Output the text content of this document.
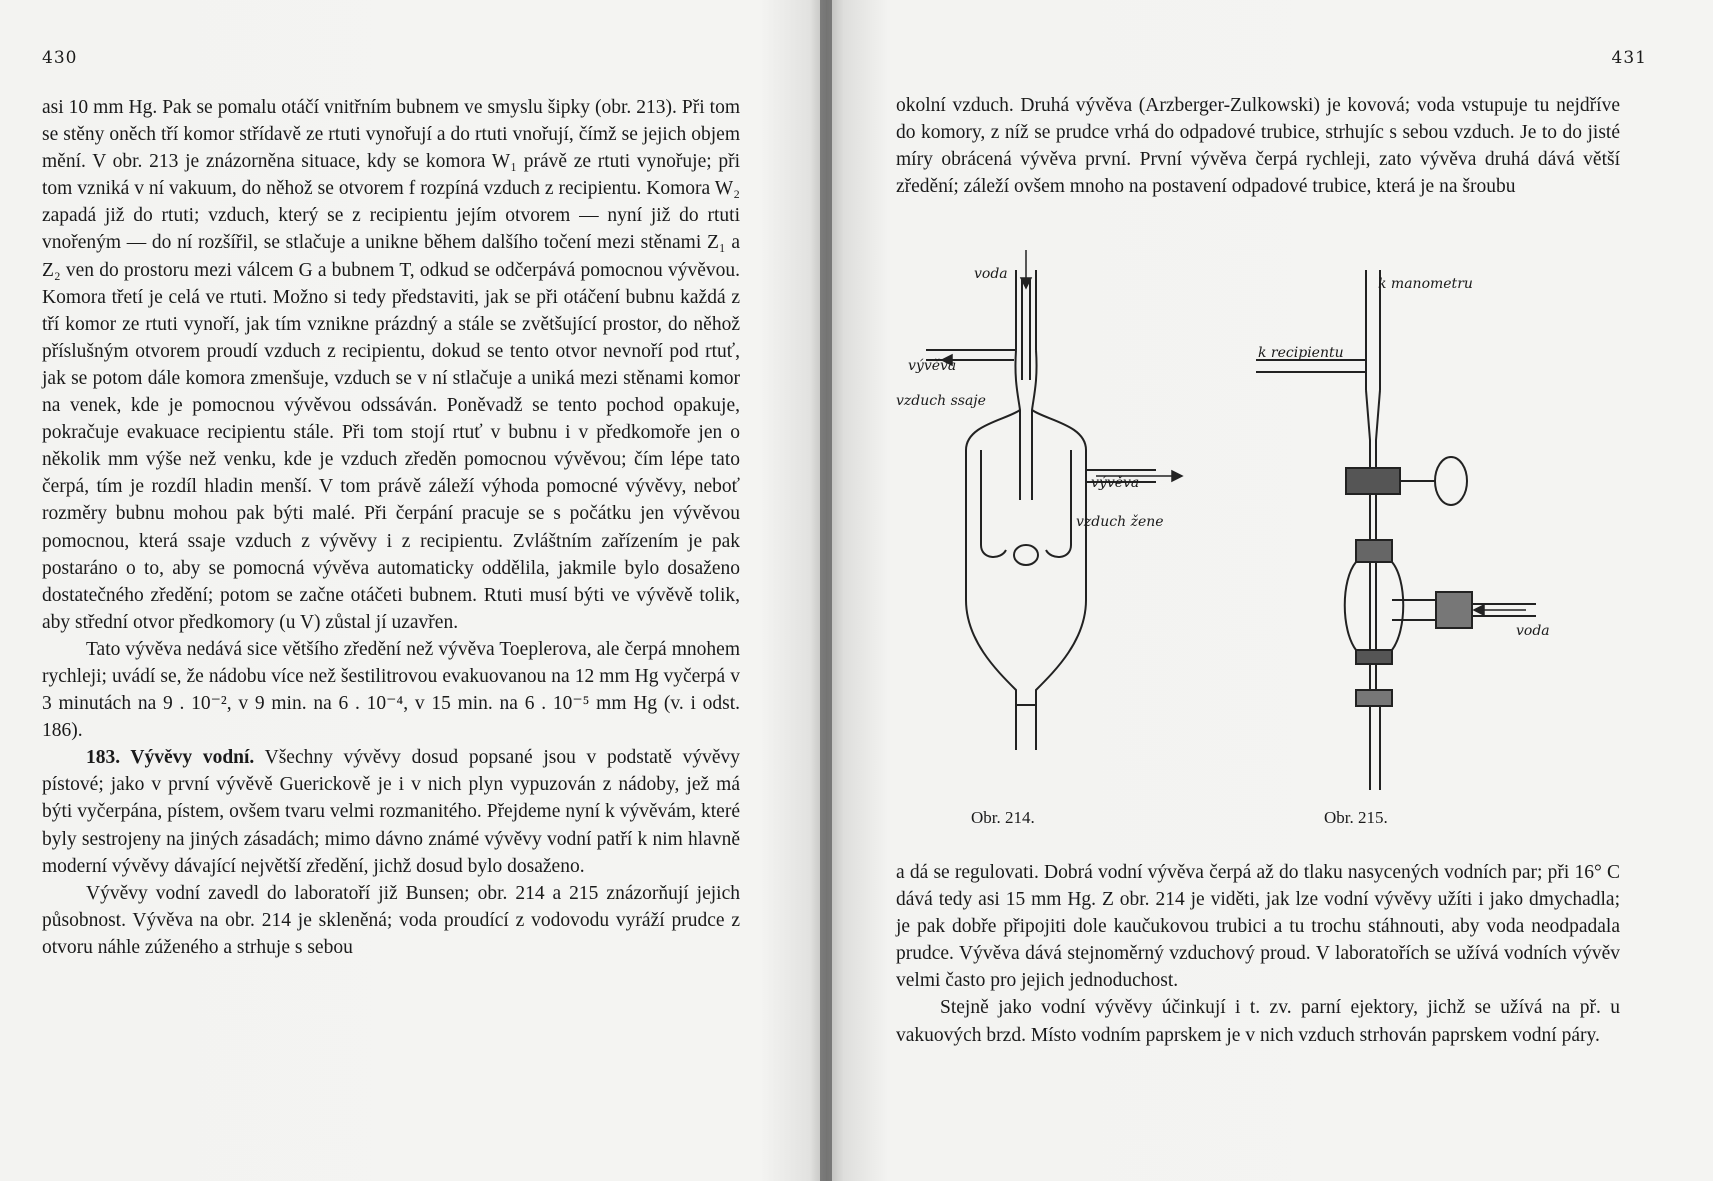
430

asi 10 mm Hg. Pak se pomalu otáčí vnitřním bubnem ve smyslu šipky (obr. 213). Při tom se stěny oněch tří komor střídavě ze rtuti vynořují a do rtuti vnořují, čímž se jejich objem mění. V obr. 213 je znázorněna situace, kdy se komora W₁ právě ze rtuti vynořuje; při tom vzniká v ní vakuum, do něhož se otvorem f rozpíná vzduch z recipientu. Komora W₂ zapadá již do rtuti; vzduch, který se z recipientu jejím otvorem — nyní již do rtuti vnořeným — do ní rozšířil, se stlačuje a unikne během dalšího točení mezi stěnami Z₁ a Z₂ ven do prostoru mezi válcem G a bubnem T, odkud se odčerpává pomocnou vývěvou. Komora třetí je celá ve rtuti. Možno si tedy představiti, jak se při otáčení bubnu každá z tří komor ze rtuti vynoří, jak tím vznikne prázdný a stále se zvětšující prostor, do něhož příslušným otvorem proudí vzduch z recipientu, dokud se tento otvor nevnoří pod rtuť, jak se potom dále komora zmenšuje, vzduch se v ní stlačuje a uniká mezi stěnami komor na venek, kde je pomocnou vývěvou odssáván. Poněvadž se tento pochod opakuje, pokračuje evakuace recipientu stále. Při tom stojí rtuť v bubnu i v předkomoře jen o několik mm výše než venku, kde je vzduch zředěn pomocnou vývěvou; čím lépe tato čerpá, tím je rozdíl hladin menší. V tom právě záleží výhoda pomocné vývěvy, neboť rozměry bubnu mohou pak býti malé. Při čerpání pracuje se s počátku jen vývěvou pomocnou, která ssaje vzduch z vývěvy i z recipientu. Zvláštním zařízením je pak postaráno o to, aby se pomocná vývěva automaticky oddělila, jakmile bylo dosaženo dostatečného zředění; potom se začne otáčeti bubnem. Rtuti musí býti ve vývěvě tolik, aby střední otvor předkomory (u V) zůstal jí uzavřen.

Tato vývěva nedává sice většího zředění než vývěva Toeplerova, ale čerpá mnohem rychleji; uvádí se, že nádobu více než šestilitrovou evakuovanou na 12 mm Hg vyčerpá v 3 minutách na 9 . 10⁻², v 9 min. na 6 . 10⁻⁴, v 15 min. na 6 . 10⁻⁵ mm Hg (v. i odst. 186).

183. Vývěvy vodní. Všechny vývěvy dosud popsané jsou v podstatě vývěvy pístové; jako v první vývěvě Guerickově je i v nich plyn vypuzován z nádoby, jež má býti vyčerpána, pístem, ovšem tvaru velmi rozmanitého. Přejdeme nyní k vývěvám, které byly sestrojeny na jiných zásadách; mimo dávno známé vývěvy vodní patří k nim hlavně moderní vývěvy dávající největší zředění, jichž dosud bylo dosaženo.

Vývěvy vodní zavedl do laboratoří již Bunsen; obr. 214 a 215 znázorňují jejich působnost. Vývěva na obr. 214 je skleněná; voda proudící z vodovodu vyráží prudce z otvoru náhle zúženého a strhuje s sebou

431

okolní vzduch. Druhá vývěva (Arzberger-Zulkowski) je kovová; voda vstupuje tu nejdříve do komory, z níž se prudce vrhá do odpadové trubice, strhujíc s sebou vzduch. Je to do jisté míry obrácená vývěva první. První vývěva čerpá rychleji, zato vývěva druhá dává větší zředění; záleží ovšem mnoho na postavení odpadové trubice, která je na šroubu

voda
vývěva
vzduch ssaje
vývěva
vzduch žene
Obr. 214.
k manometru
k recipientu
voda
Obr. 215.

a dá se regulovati. Dobrá vodní vývěva čerpá až do tlaku nasycených vodních par; při 16° C dává tedy asi 15 mm Hg. Z obr. 214 je viděti, jak lze vodní vývěvy užíti i jako dmychadla; je pak dobře připojiti dole kaučukovou trubici a tu trochu stáhnouti, aby voda neodpadala prudce. Vývěva dává stejnoměrný vzduchový proud. V laboratořích se užívá vodních vývěv velmi často pro jejich jednoduchost.

Stejně jako vodní vývěvy účinkují i t. zv. parní ejektory, jichž se užívá na př. u vakuových brzd. Místo vodním paprskem je v nich vzduch strhován paprskem vodní páry.
